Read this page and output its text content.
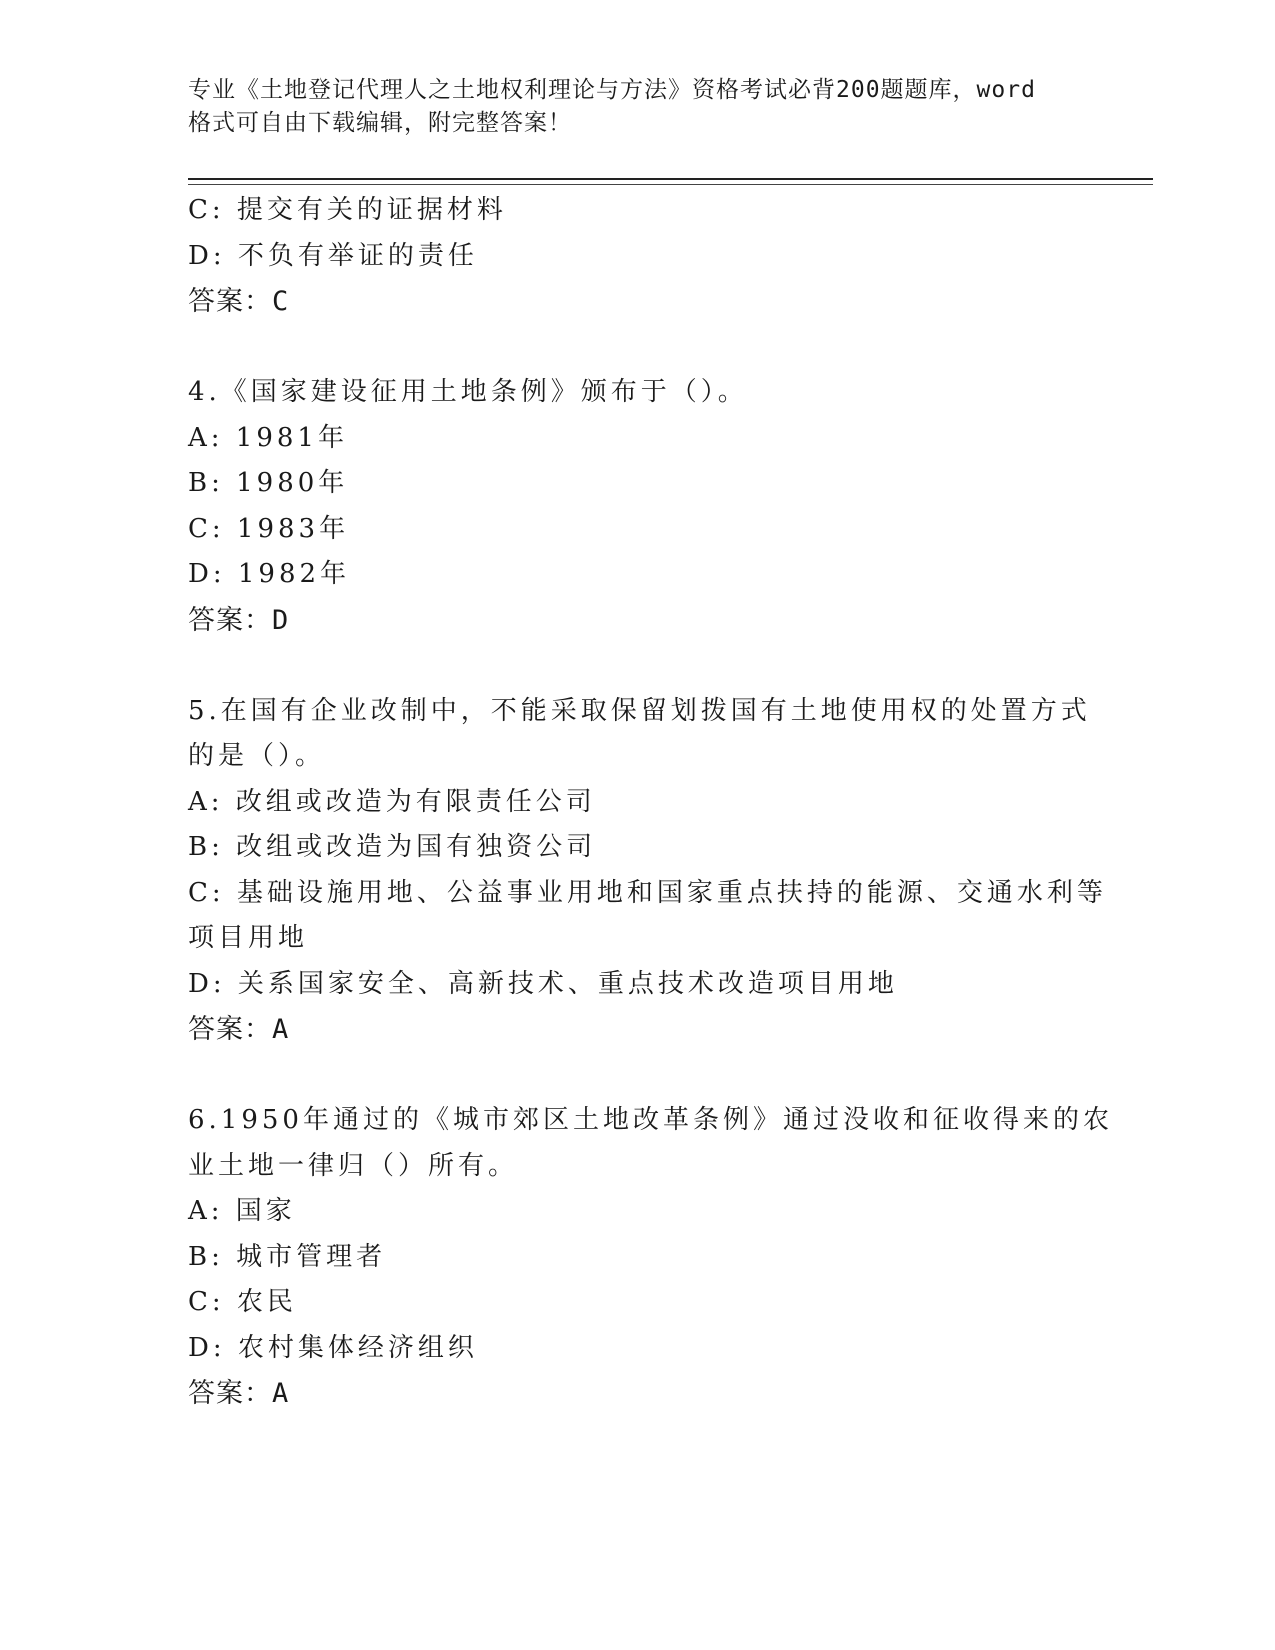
专业《土地登记代理人之土地权利理论与方法》资格考试必背200题题库，word
格式可自由下载编辑，附完整答案！
C: 提交有关的证据材料
D: 不负有举证的责任
答案：C
4.《国家建设征用土地条例》颁布于（）。
A: 1981年
B: 1980年
C: 1983年
D: 1982年
答案：D
5.在国有企业改制中，不能采取保留划拨国有土地使用权的处置方式
的是（）。
A: 改组或改造为有限责任公司
B: 改组或改造为国有独资公司
C: 基础设施用地、公益事业用地和国家重点扶持的能源、交通水利等
项目用地
D: 关系国家安全、高新技术、重点技术改造项目用地
答案：A
6.1950年通过的《城市郊区土地改革条例》通过没收和征收得来的农
业土地一律归（）所有。
A: 国家
B: 城市管理者
C: 农民
D: 农村集体经济组织
答案：A
